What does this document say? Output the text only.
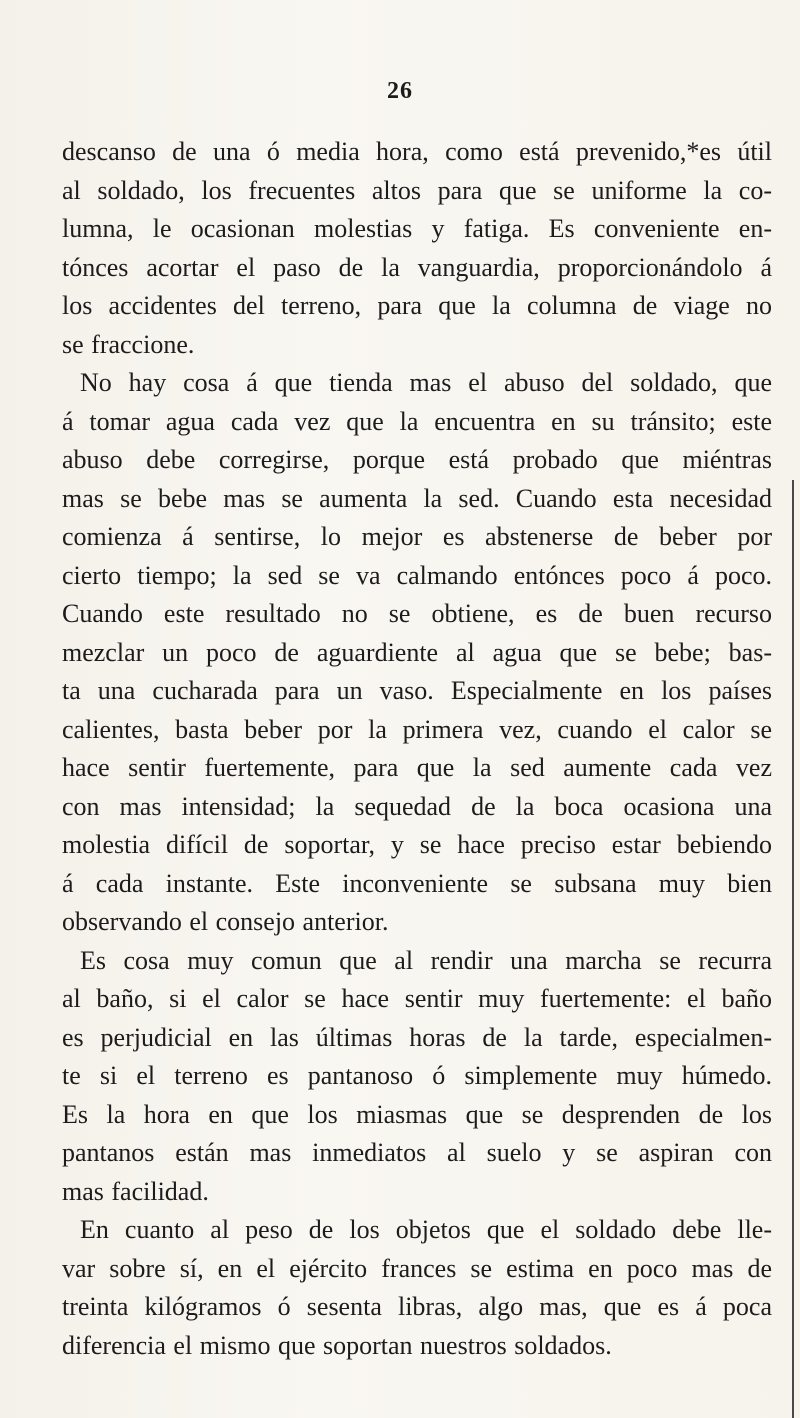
26
descanso de una ó media hora, como está prevenido,*es útil
al soldado, los frecuentes altos para que se uniforme la co-
lumna, le ocasionan molestias y fatiga. Es conveniente en-
tónces acortar el paso de la vanguardia, proporcionándolo á
los accidentes del terreno, para que la columna de viage no
se fraccione.
No hay cosa á que tienda mas el abuso del soldado, que
á tomar agua cada vez que la encuentra en su tránsito; este
abuso debe corregirse, porque está probado que miéntras
mas se bebe mas se aumenta la sed. Cuando esta necesidad
comienza á sentirse, lo mejor es abstenerse de beber por
cierto tiempo; la sed se va calmando entónces poco á poco.
Cuando este resultado no se obtiene, es de buen recurso
mezclar un poco de aguardiente al agua que se bebe; bas-
ta una cucharada para un vaso. Especialmente en los países
calientes, basta beber por la primera vez, cuando el calor se
hace sentir fuertemente, para que la sed aumente cada vez
con mas intensidad; la sequedad de la boca ocasiona una
molestia difícil de soportar, y se hace preciso estar bebiendo
á cada instante. Este inconveniente se subsana muy bien
observando el consejo anterior.
Es cosa muy comun que al rendir una marcha se recurra
al baño, si el calor se hace sentir muy fuertemente: el baño
es perjudicial en las últimas horas de la tarde, especialmen-
te si el terreno es pantanoso ó simplemente muy húmedo.
Es la hora en que los miasmas que se desprenden de los
pantanos están mas inmediatos al suelo y se aspiran con
mas facilidad.
En cuanto al peso de los objetos que el soldado debe lle-
var sobre sí, en el ejército frances se estima en poco mas de
treinta kilógramos ó sesenta libras, algo mas, que es á poca
diferencia el mismo que soportan nuestros soldados.
